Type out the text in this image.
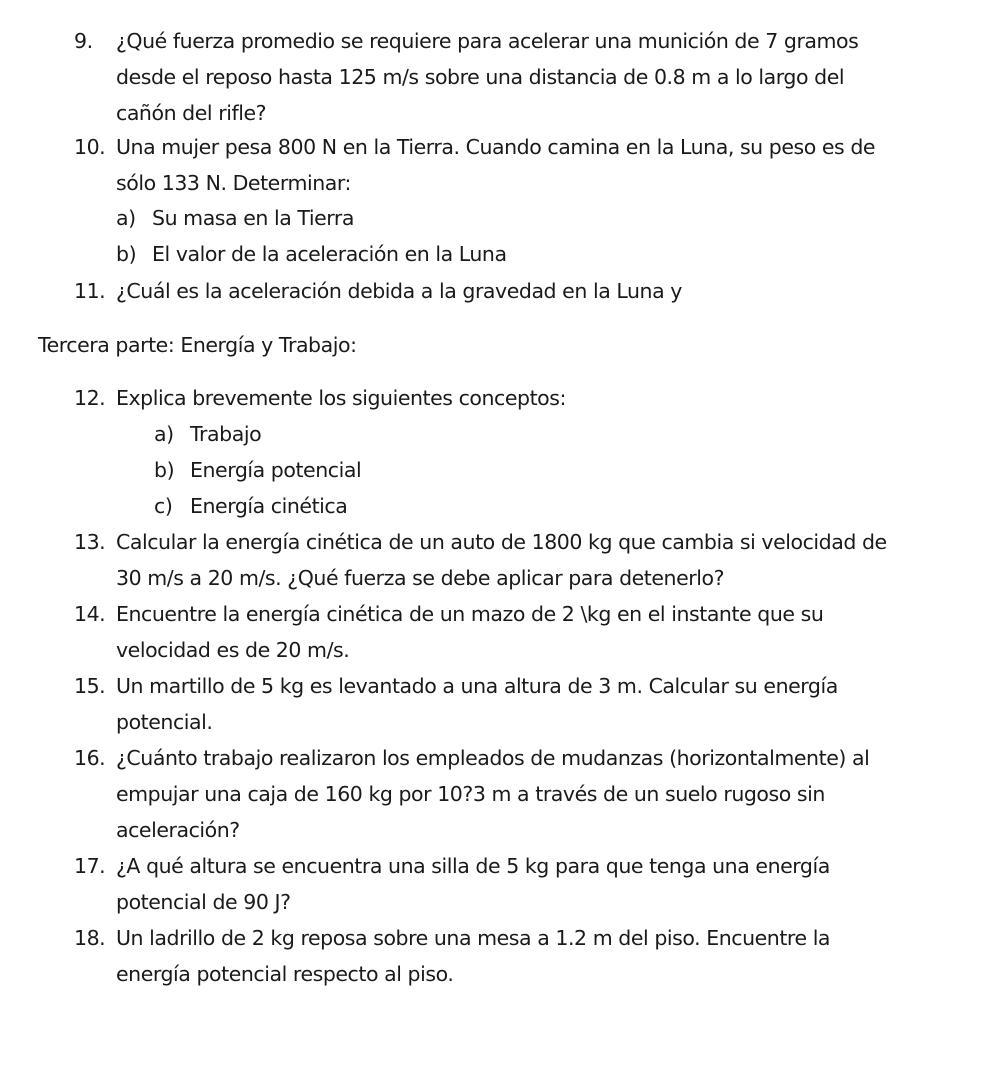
9. ¿Qué fuerza promedio se requiere para acelerar una munición de 7 gramos
desde el reposo hasta 125 m/s sobre una distancia de 0.8 m a lo largo del
cañón del rifle?
10. Una mujer pesa 800 N en la Tierra. Cuando camina en la Luna, su peso es de
sólo 133 N. Determinar:
a) Su masa en la Tierra
b) El valor de la aceleración en la Luna
11. ¿Cuál es la aceleración debida a la gravedad en la Luna y
Tercera parte: Energía y Trabajo:
12. Explica brevemente los siguientes conceptos:
a) Trabajo
b) Energía potencial
c) Energía cinética
13. Calcular la energía cinética de un auto de 1800 kg que cambia si velocidad de
30 m/s a 20 m/s. ¿Qué fuerza se debe aplicar para detenerlo?
14. Encuentre la energía cinética de un mazo de 2 \kg en el instante que su
velocidad es de 20 m/s.
15. Un martillo de 5 kg es levantado a una altura de 3 m. Calcular su energía
potencial.
16. ¿Cuánto trabajo realizaron los empleados de mudanzas (horizontalmente) al
empujar una caja de 160 kg por 10?3 m a través de un suelo rugoso sin
aceleración?
17. ¿A qué altura se encuentra una silla de 5 kg para que tenga una energía
potencial de 90 J?
18. Un ladrillo de 2 kg reposa sobre una mesa a 1.2 m del piso. Encuentre la
energía potencial respecto al piso.
